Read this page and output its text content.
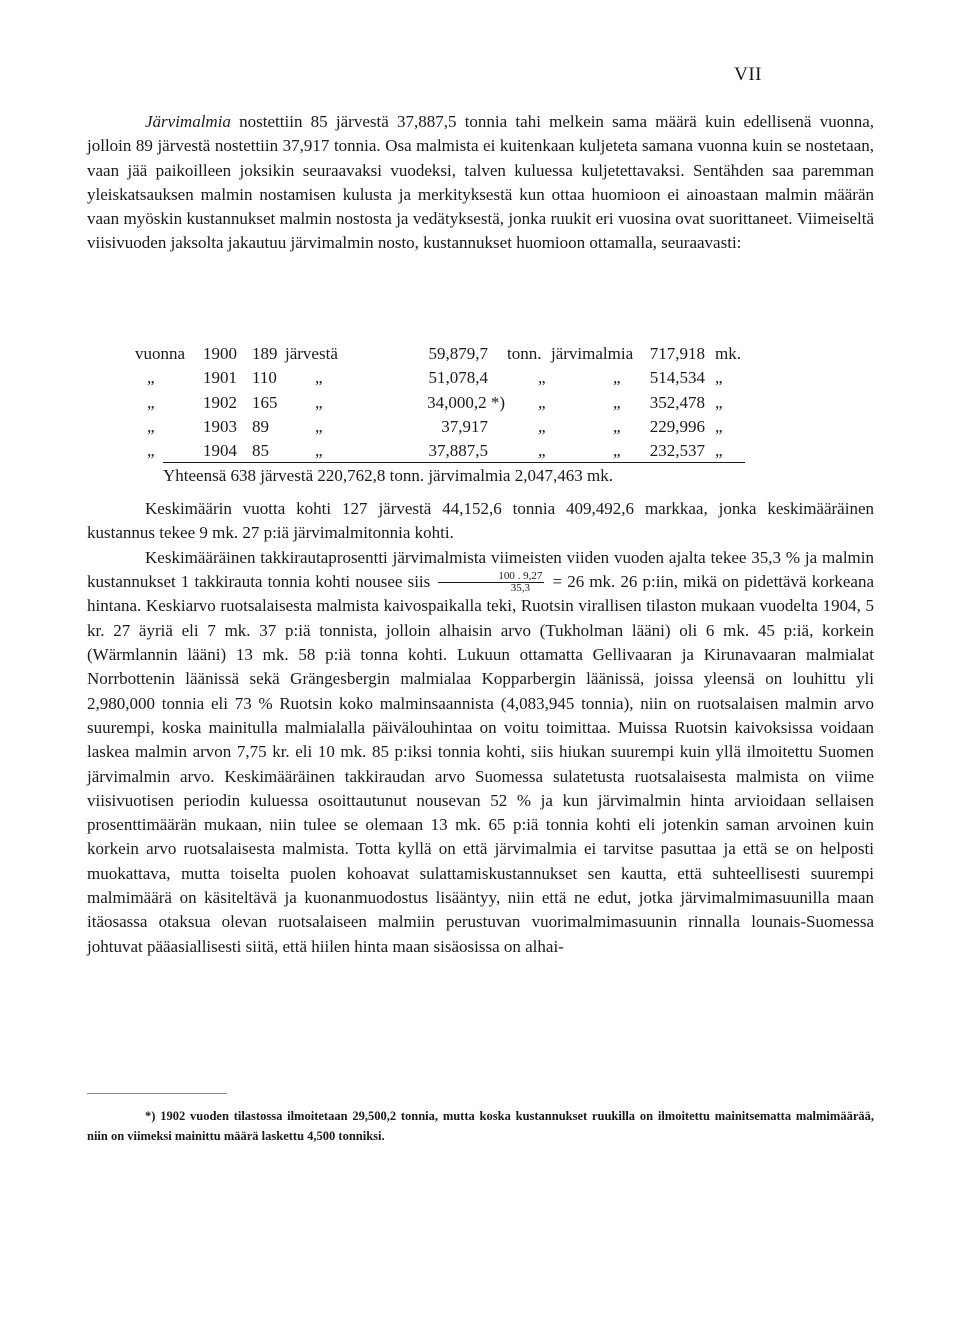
VII

Järvimalmia nostettiin 85 järvestä 37,887,5 tonnia tahi melkein sama määrä kuin edellisenä vuonna, jolloin 89 järvestä nostettiin 37,917 tonnia. Osa malmista ei kuitenkaan kuljeteta samana vuonna kuin se nostetaan, vaan jää paikoilleen joksikin seuraavaksi vuodeksi, talven kuluessa kuljetettavaksi. Sentähden saa paremman yleiskatsauksen malmin nostamisen kulusta ja merkityksestä kun ottaa huomioon ei ainoastaan malmin määrän vaan myöskin kustannukset malmin nostosta ja vedätyksestä, jonka ruukit eri vuosina ovat suorittaneet. Viimeiseltä viisivuoden jaksolta jakautuu järvimalmin nosto, kustannukset huomioon ottamalla, seuraavasti:

vuonna 1900 189 järvestä	59,879,7 tonn. järvimalmia 717,918 mk.
„	1901 110 „	51,078,4	„	„	514,534 „
„	1902 165 „	34,000,2 *) „	„	352,478 „
„	1903 89	„	37,917	„	„	229,996 „
„	1904 85	„	37,887,5	„	„	232,537 „
Yhteensä 638 järvestä 220,762,8 tonn. järvimalmia 2,047,463 mk.

Keskimäärin vuotta kohti 127 järvestä 44,152,6 tonnia 409,492,6 markkaa, jonka keskimääräinen kustannus tekee 9 mk. 27 p:iä järvimalmitonnia kohti.

Keskimääräinen takkirautaprosentti järvimalmista viimeisten viiden vuoden ajalta tekee 35,3 % ja malmin kustannukset 1 takkirauta tonnia kohti nousee siis $\frac{100 . 9,27}{35,3} = 26$ mk. 26 p:iin, mikä on pidettävä korkeana hintana. Keskiarvo ruotsalaisesta malmista kaivospaikalla teki, Ruotsin virallisen tilaston mukaan vuodelta 1904, 5 kr. 27 äyriä eli 7 mk. 37 p:iä tonnista, jolloin alhaisin arvo (Tukholman lääni) oli 6 mk. 45 p:iä, korkein (Wärmlannin lääni) 13 mk. 58 p:iä tonna kohti. Lukuun ottamatta Gellivaaran ja Kirunavaaran malmialat Norrbottenin läänissä sekä Grängesbergin malmialaa Kopparbergin läänissä, joissa yleensä on louhittu yli 2,980,000 tonnia eli 73 % Ruotsin koko malminsaannista (4,083,945 tonnia), niin on ruotsalaisen malmin arvo suurempi, koska mainitulla malmialalla päivälouhintaa on voitu toimittaa. Muissa Ruotsin kaivoksissa voidaan laskea malmin arvon 7,75 kr. eli 10 mk. 85 p:iksi tonnia kohti, siis hiukan suurempi kuin yllä ilmoitettu Suomen järvimalmin arvo. Keskimääräinen takkiraudan arvo Suomessa sulatetusta ruotsalaisesta malmista on viime viisivuotisen periodin kuluessa osoittautunut nousevan 52 % ja kun järvimalmin hinta arvioidaan sellaisen prosenttimäärän mukaan, niin tulee se olemaan 13 mk. 65 p:iä tonnia kohti eli jotenkin saman arvoinen kuin korkein arvo ruotsalaisesta malmista. Totta kyllä on että järvimalmia ei tarvitse pasuttaa ja että se on helposti muokattava, mutta toiselta puolen kohoavat sulattamiskustannukset sen kautta, että suhteellisesti suurempi malmimäärä on käsiteltävä ja kuonanmuodostus lisääntyy, niin että ne edut, jotka järvimalmimasuunilla maan itäosassa otaksua olevan ruotsalaiseen malmiin perustuvan vuorimalmimasuunin rinnalla lounais-Suomessa johtuvat pääasiallisesti siitä, että hiilen hinta maan sisäosissa on alhai-

*) 1902 vuoden tilastossa ilmoitetaan 29,500,2 tonnia, mutta koska kustannukset ruukilla on ilmoitettu mainitsematta malmimäärää, niin on viimeksi mainittu määrä laskettu 4,500 tonniksi.
